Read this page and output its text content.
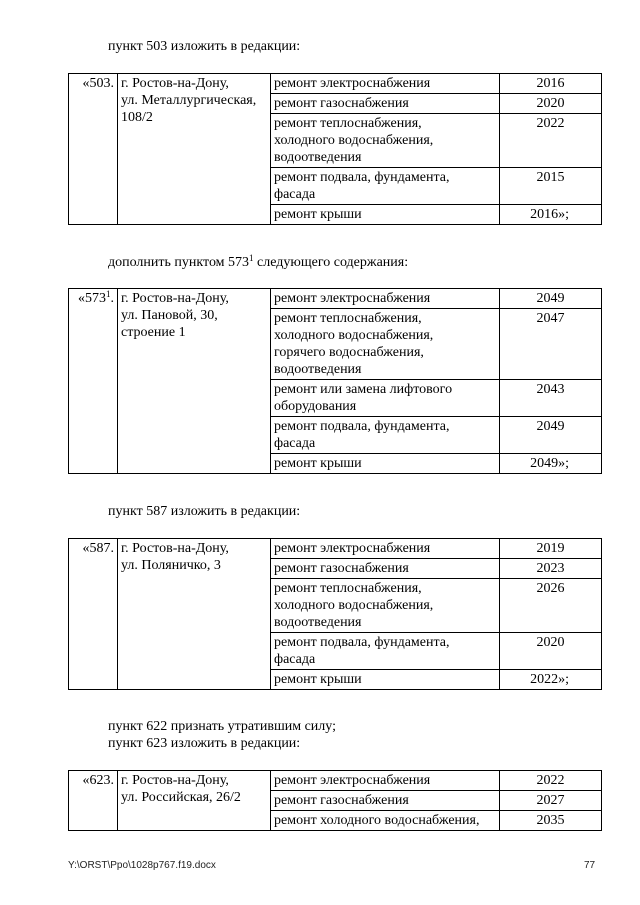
пункт 503 изложить в редакции:
«503.	г. Ростов-на-Дону,
ул. Металлургическая,
108/2	ремонт электроснабжения	2016

		ремонт газоснабжения	2020

		ремонт теплоснабжения,
холодного водоснабжения,
водоотведения	2022

		ремонт подвала, фундамента,
фасада	2015

		ремонт крыши	2016»;
дополнить пунктом $573^1$ следующего содержания:
«$573^1$.	г. Ростов-на-Дону,
ул. Пановой, 30,
строение 1	ремонт электроснабжения	2049

		ремонт теплоснабжения,
холодного водоснабжения,
горячего водоснабжения,
водоотведения	2047

		ремонт или замена лифтового
оборудования	2043

		ремонт подвала, фундамента,
фасада	2049

		ремонт крыши	2049»;
пункт 587 изложить в редакции:
«587.	г. Ростов-на-Дону,
ул. Поляничко, 3	ремонт электроснабжения	2019

		ремонт газоснабжения	2023

		ремонт теплоснабжения,
холодного водоснабжения,
водоотведения	2026

		ремонт подвала, фундамента,
фасада	2020

		ремонт крыши	2022»;
пункт 622 признать утратившим силу;
пункт 623 изложить в редакции:
«623.	г. Ростов-на-Дону,
ул. Российская, 26/2	ремонт электроснабжения	2022

		ремонт газоснабжения	2027

		ремонт холодного водоснабжения,	2035
Y:\ORST\Ppo\1028p767.f19.docx	77
